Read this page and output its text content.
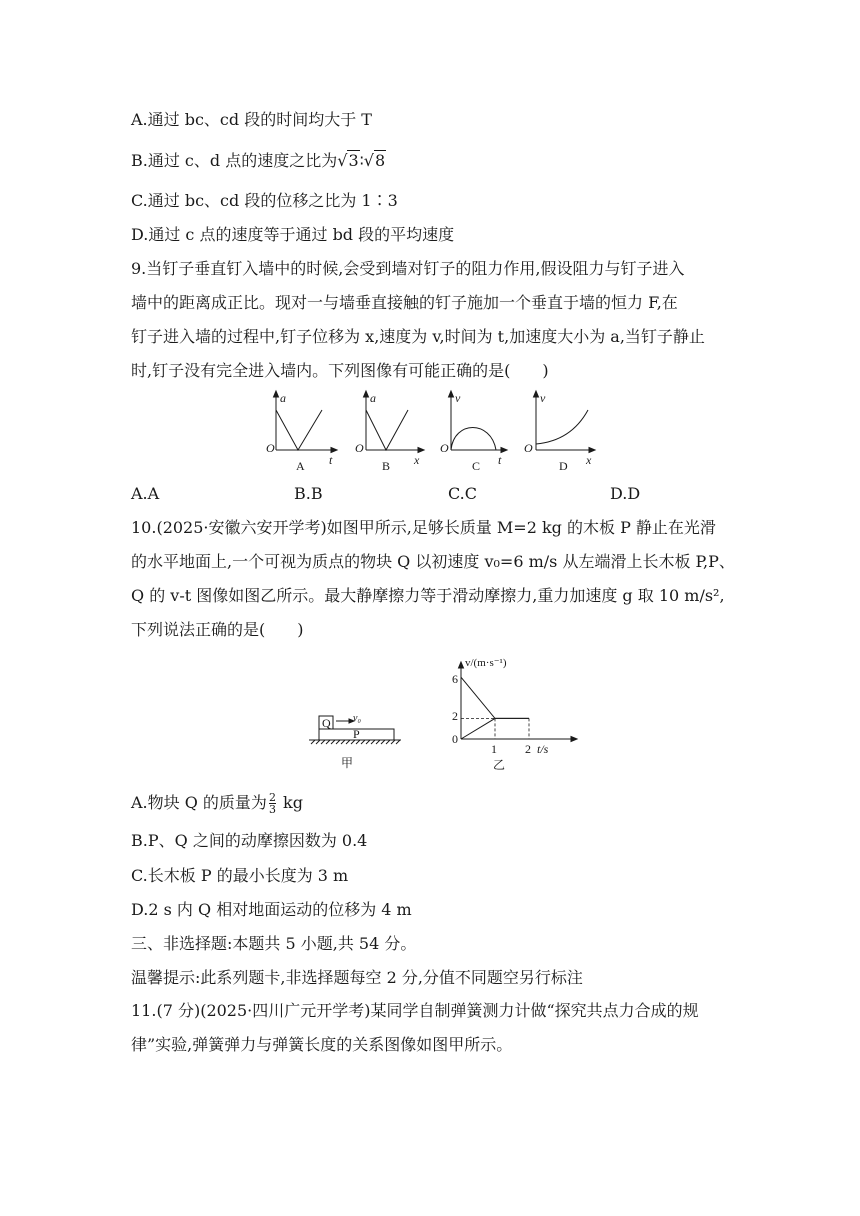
A.通过 bc、cd 段的时间均大于 T
B.通过 c、d 点的速度之比为√3∶√8
C.通过 bc、cd 段的位移之比为 1∶3
D.通过 c 点的速度等于通过 bd 段的平均速度
9.当钉子垂直钉入墙中的时候,会受到墙对钉子的阻力作用,假设阻力与钉子进入
墙中的距离成正比。现对一与墙垂直接触的钉子施加一个垂直于墙的恒力 F,在
钉子进入墙的过程中,钉子位移为 x,速度为 v,时间为 t,加速度大小为 a,当钉子静止
时,钉子没有完全进入墙内。下列图像有可能正确的是(　　)
a
O
t
A
a
O
x
B
v
O
t
C
v
O
x
D
A.A	B.B	C.C	D.D
10.(2025·安徽六安开学考)如图甲所示,足够长质量 M=2 kg 的木板 P 静止在光滑
的水平地面上,一个可视为质点的物块 Q 以初速度 v₀=6 m/s 从左端滑上长木板 P,P、
Q 的 v-t 图像如图乙所示。最大静摩擦力等于滑动摩擦力,重力加速度 g 取 10 m/s²,
下列说法正确的是(　　)
Q
P
v₀
甲
v/(m·s⁻¹)
6
2
0
1 2 t/s
乙
A.物块 Q 的质量为 $\frac{2}{3}$ kg
B.P、Q 之间的动摩擦因数为 0.4
C.长木板 P 的最小长度为 3 m
D.2 s 内 Q 相对地面运动的位移为 4 m
三、非选择题:本题共 5 小题,共 54 分。
温馨提示:此系列题卡,非选择题每空 2 分,分值不同题空另行标注
11.(7 分)(2025·四川广元开学考)某同学自制弹簧测力计做“探究共点力合成的规
律”实验,弹簧弹力与弹簧长度的关系图像如图甲所示。
